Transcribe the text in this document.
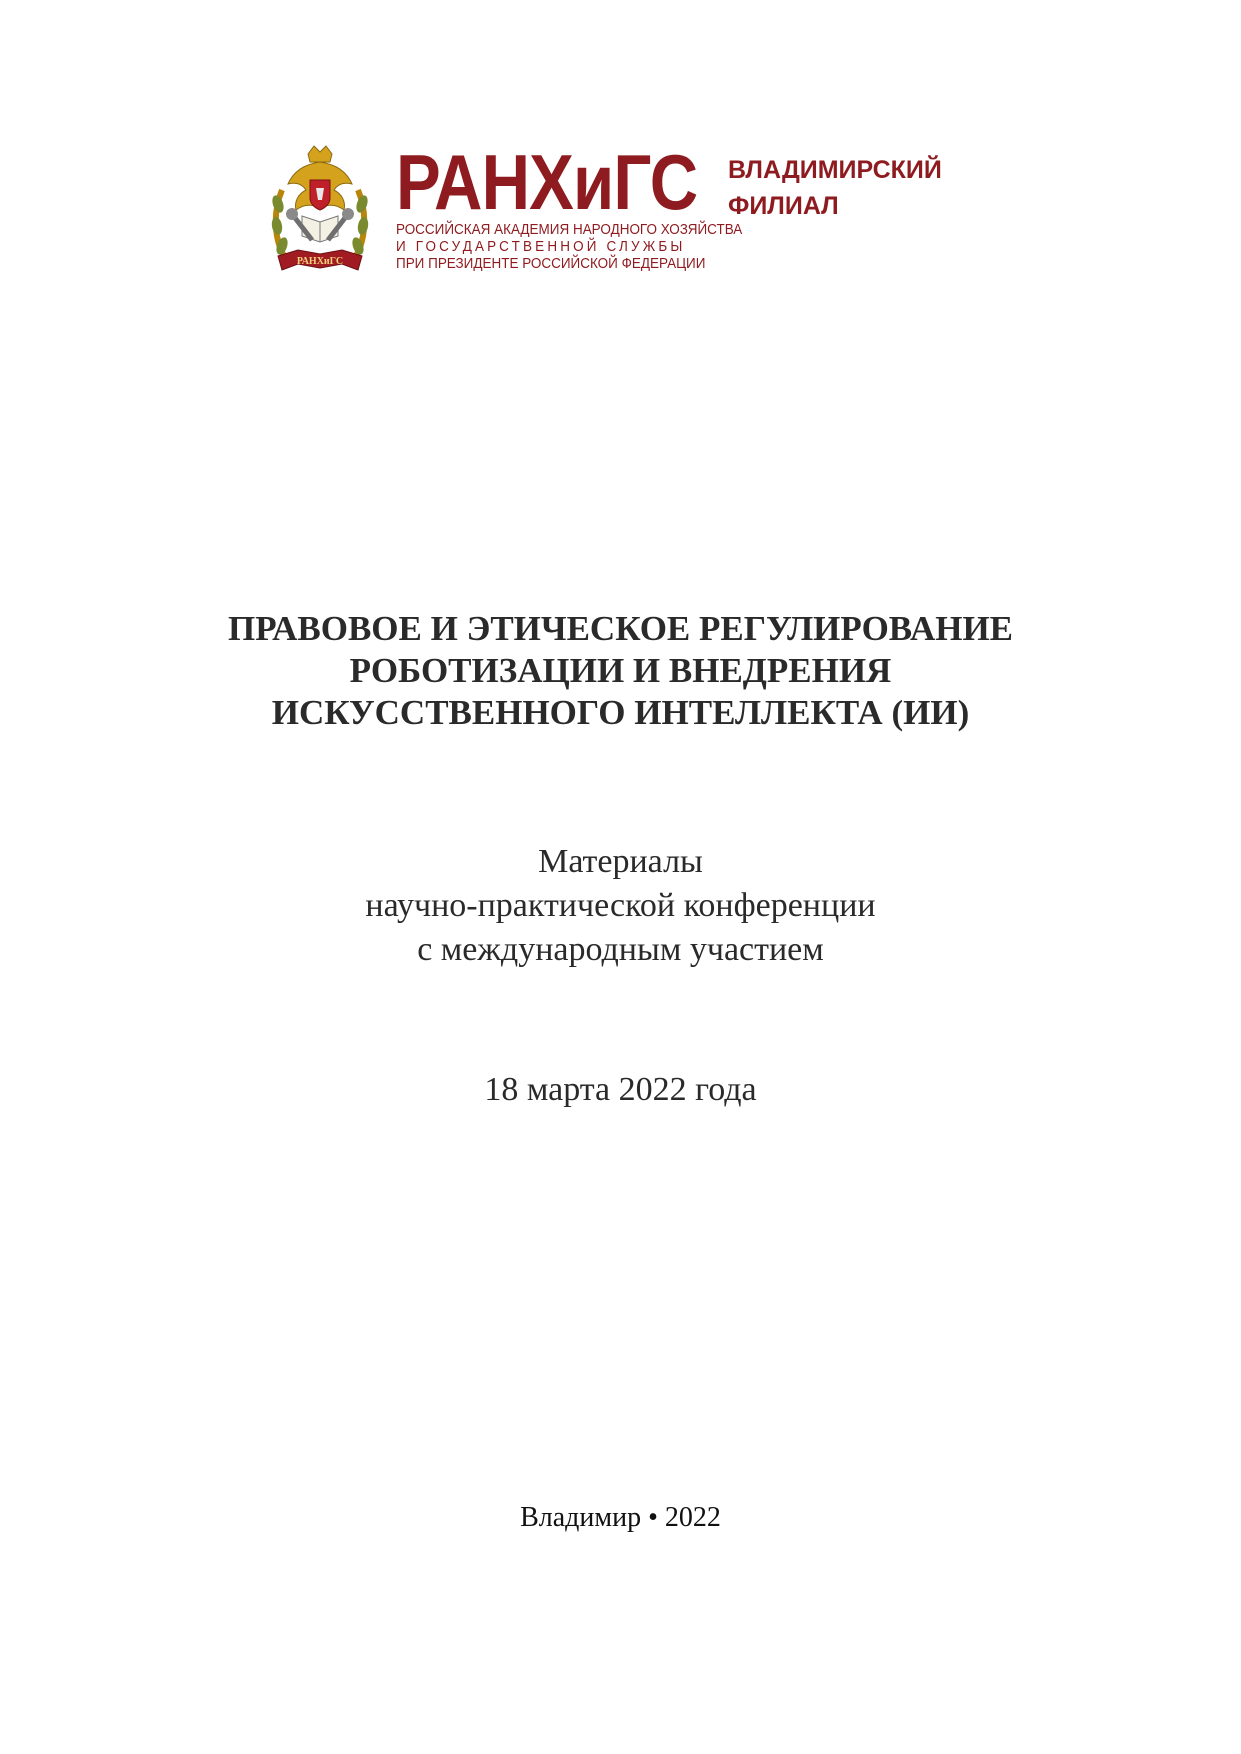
РАНХиГС
РАНХиГС
РОССИЙСКАЯ АКАДЕМИЯ НАРОДНОГО ХОЗЯЙСТВА
И ГОСУДАРСТВЕННОЙ СЛУЖБЫ
ПРИ ПРЕЗИДЕНТЕ РОССИЙСКОЙ ФЕДЕРАЦИИ
ВЛАДИМИРСКИЙ
ФИЛИАЛ
ПРАВОВОЕ И ЭТИЧЕСКОЕ РЕГУЛИРОВАНИЕ
РОБОТИЗАЦИИ И ВНЕДРЕНИЯ
ИСКУССТВЕННОГО ИНТЕЛЛЕКТА (ИИ)
Материалы
научно-практической конференции
с международным участием
18 марта 2022 года
Владимир • 2022
